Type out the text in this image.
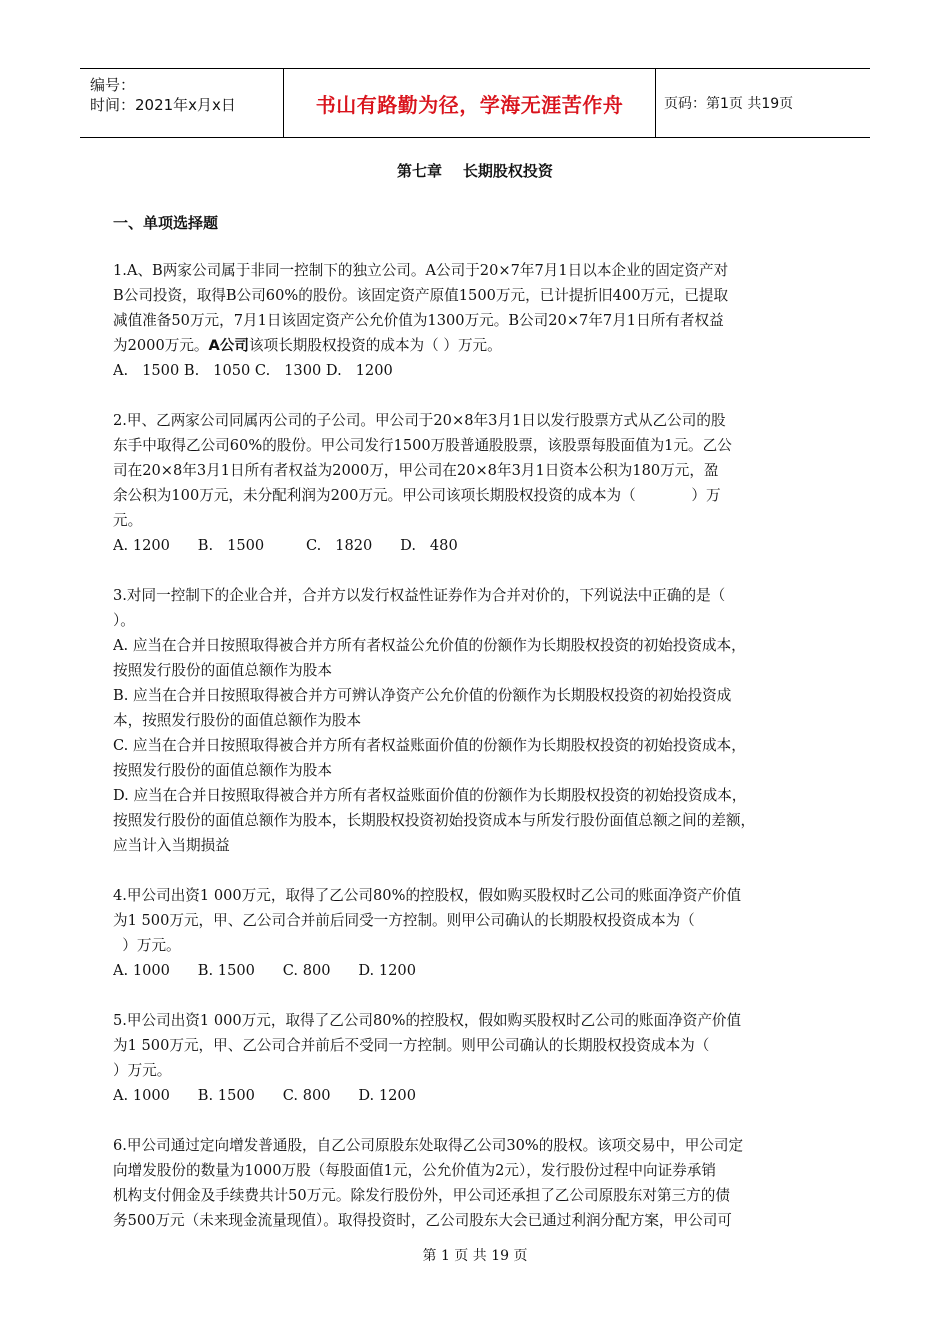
编号：
时间：2021年x月x日	书山有路勤为径，学海无涯苦作舟	页码：第1页 共19页
第七章    长期股权投资
一、单项选择题
1.A、B两家公司属于非同一控制下的独立公司。A公司于20×7年7月1日以本企业的固定资产对
B公司投资，取得B公司60%的股份。该固定资产原值1500万元，已计提折旧400万元，已提取
减值准备50万元，7月1日该固定资产公允价值为1300万元。B公司20×7年7月1日所有者权益
为2000万元。A公司该项长期股权投资的成本为（ ）万元。
A.   1500 B.   1050 C.   1300 D.   1200
2.甲、乙两家公司同属丙公司的子公司。甲公司于20×8年3月1日以发行股票方式从乙公司的股
东手中取得乙公司60%的股份。甲公司发行1500万股普通股股票，该股票每股面值为1元。乙公
司在20×8年3月1日所有者权益为2000万，甲公司在20×8年3月1日资本公积为180万元，盈
余公积为100万元，未分配利润为200万元。甲公司该项长期股权投资的成本为（            ）万
元。
A. 1200      B.   1500         C.   1820      D.   480
3.对同一控制下的企业合并，合并方以发行权益性证券作为合并对价的，下列说法中正确的是（
）。
A. 应当在合并日按照取得被合并方所有者权益公允价值的份额作为长期股权投资的初始投资成本，
按照发行股份的面值总额作为股本
B. 应当在合并日按照取得被合并方可辨认净资产公允价值的份额作为长期股权投资的初始投资成
本，按照发行股份的面值总额作为股本
C. 应当在合并日按照取得被合并方所有者权益账面价值的份额作为长期股权投资的初始投资成本，
按照发行股份的面值总额作为股本
D. 应当在合并日按照取得被合并方所有者权益账面价值的份额作为长期股权投资的初始投资成本，
按照发行股份的面值总额作为股本，长期股权投资初始投资成本与所发行股份面值总额之间的差额，
应当计入当期损益
4.甲公司出资1 000万元，取得了乙公司80%的控股权，假如购买股权时乙公司的账面净资产价值
为1 500万元，甲、乙公司合并前后同受一方控制。则甲公司确认的长期股权投资成本为（
）万元。
A. 1000      B. 1500      C. 800      D. 1200
5.甲公司出资1 000万元，取得了乙公司80%的控股权，假如购买股权时乙公司的账面净资产价值
为1 500万元，甲、乙公司合并前后不受同一方控制。则甲公司确认的长期股权投资成本为（
）万元。
A. 1000      B. 1500      C. 800      D. 1200
6.甲公司通过定向增发普通股，自乙公司原股东处取得乙公司30%的股权。该项交易中，甲公司定
向增发股份的数量为1000万股（每股面值1元，公允价值为2元），发行股份过程中向证券承销
机构支付佣金及手续费共计50万元。除发行股份外，甲公司还承担了乙公司原股东对第三方的债
务500万元（未来现金流量现值）。取得投资时，乙公司股东大会已通过利润分配方案，甲公司可
第 1 页 共 19 页
